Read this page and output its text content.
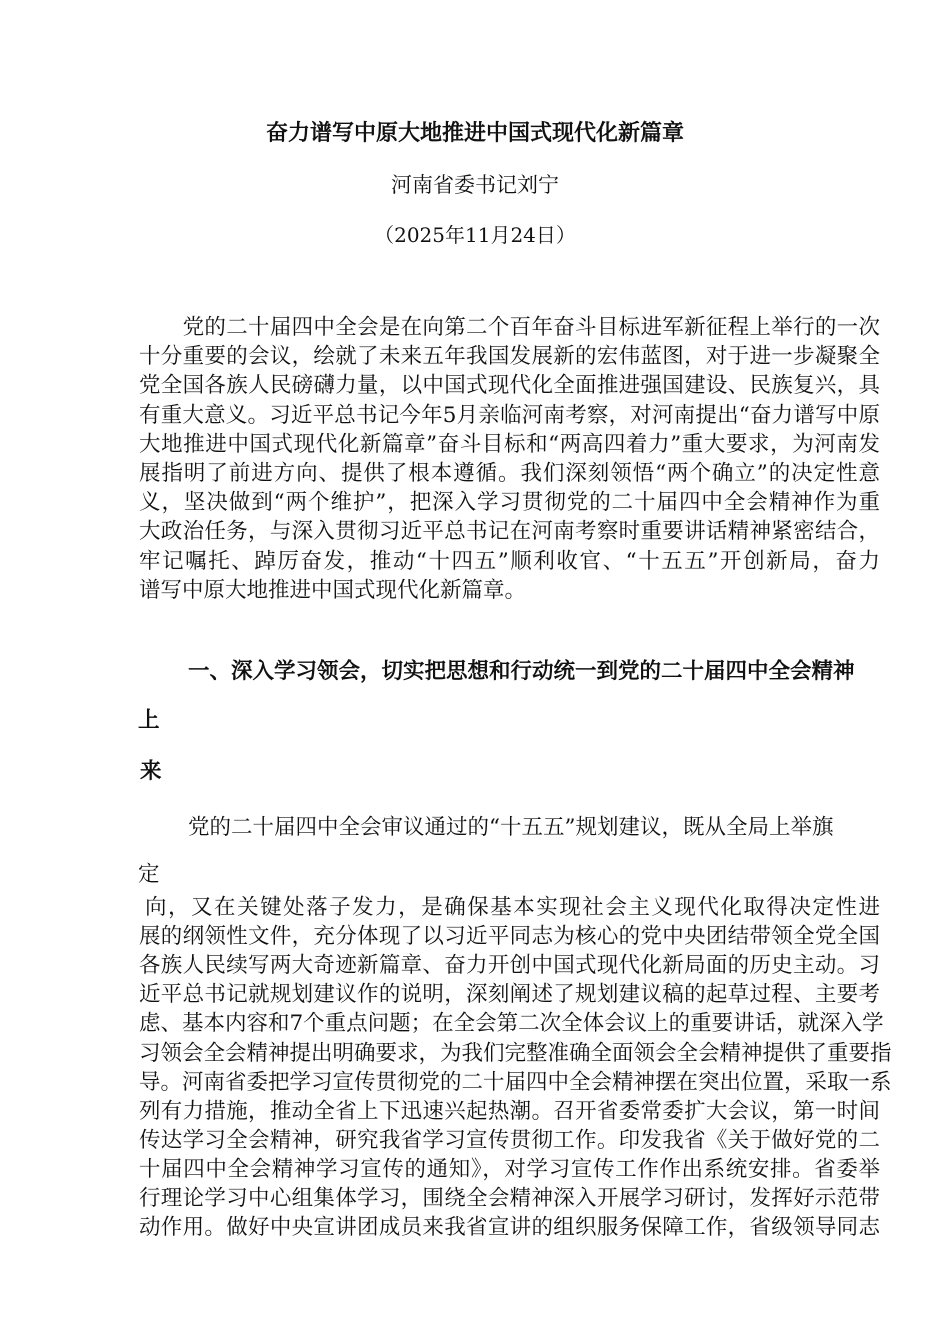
奋力谱写中原大地推进中国式现代化新篇章
河南省委书记刘宁
（2025年11月24日）
　　党的二十届四中全会是在向第二个百年奋斗目标进军新征程上举行的一次
十分重要的会议，绘就了未来五年我国发展新的宏伟蓝图，对于进一步凝聚全
党全国各族人民磅礴力量，以中国式现代化全面推进强国建设、民族复兴，具
有重大意义。习近平总书记今年5月亲临河南考察，对河南提出“奋力谱写中原
大地推进中国式现代化新篇章”奋斗目标和“两高四着力”重大要求，为河南发
展指明了前进方向、提供了根本遵循。我们深刻领悟“两个确立”的决定性意
义，坚决做到“两个维护”，把深入学习贯彻党的二十届四中全会精神作为重
大政治任务，与深入贯彻习近平总书记在河南考察时重要讲话精神紧密结合，
牢记嘱托、踔厉奋发，推动“十四五”顺利收官、“十五五”开创新局，奋力
谱写中原大地推进中国式现代化新篇章。
一、深入学习领会，切实把思想和行动统一到党的二十届四中全会精神
上
来
党的二十届四中全会审议通过的“十五五”规划建议，既从全局上举旗
定
向，又在关键处落子发力，是确保基本实现社会主义现代化取得决定性进
展的纲领性文件，充分体现了以习近平同志为核心的党中央团结带领全党全国
各族人民续写两大奇迹新篇章、奋力开创中国式现代化新局面的历史主动。习
近平总书记就规划建议作的说明，深刻阐述了规划建议稿的起草过程、主要考
虑、基本内容和7个重点问题；在全会第二次全体会议上的重要讲话，就深入学
习领会全会精神提出明确要求，为我们完整准确全面领会全会精神提供了重要指
导。河南省委把学习宣传贯彻党的二十届四中全会精神摆在突出位置，采取一系
列有力措施，推动全省上下迅速兴起热潮。召开省委常委扩大会议，第一时间
传达学习全会精神，研究我省学习宣传贯彻工作。印发我省《关于做好党的二
十届四中全会精神学习宣传的通知》，对学习宣传工作作出系统安排。省委举
行理论学习中心组集体学习，围绕全会精神深入开展学习研讨，发挥好示范带
动作用。做好中央宣讲团成员来我省宣讲的组织服务保障工作，省级领导同志
